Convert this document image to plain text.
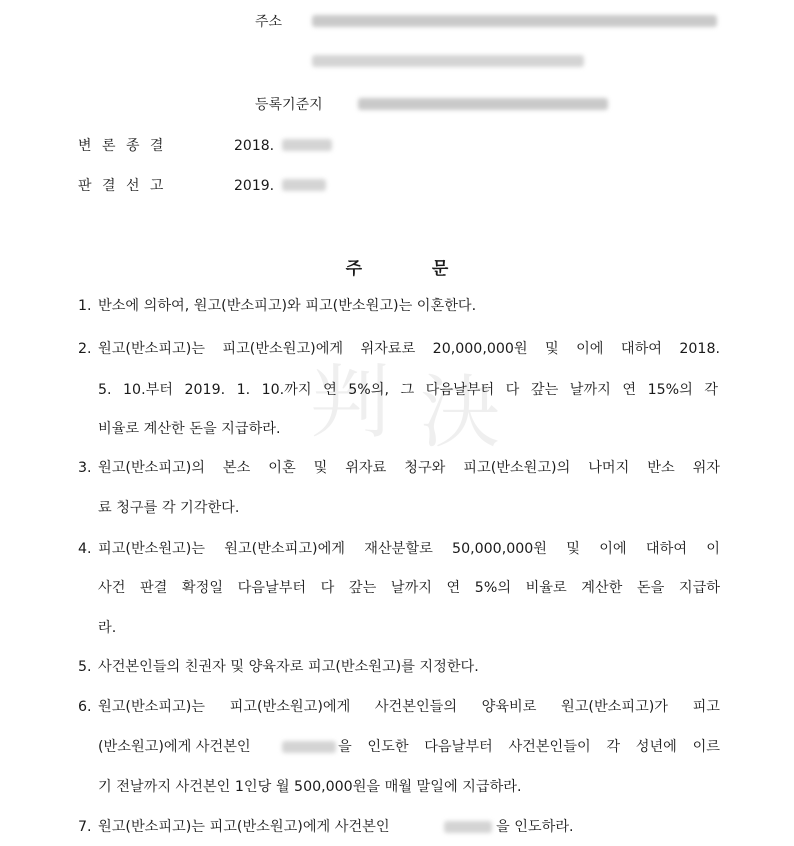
判 決
주소
등록기준지
변 론 종 결	2018.
판 결 선 고	2019.
주	문
1. 반소에 의하여, 원고(반소피고)와 피고(반소원고)는 이혼한다.
2. 원고(반소피고)는 피고(반소원고)에게 위자료로 20,000,000원 및 이에 대하여 2018.
5. 10.부터 2019. 1. 10.까지 연 5%의, 그 다음날부터 다 갚는 날까지 연 15%의 각
비율로 계산한 돈을 지급하라.
3. 원고(반소피고)의 본소 이혼 및 위자료 청구와 피고(반소원고)의 나머지 반소 위자
료 청구를 각 기각한다.
4. 피고(반소원고)는 원고(반소피고)에게 재산분할로 50,000,000원 및 이에 대하여 이
사건 판결 확정일 다음날부터 다 갚는 날까지 연 5%의 비율로 계산한 돈을 지급하
라.
5. 사건본인들의 친권자 및 양육자로 피고(반소원고)를 지정한다.
6. 원고(반소피고)는 피고(반소원고)에게 사건본인들의 양육비로 원고(반소피고)가 피고
(반소원고)에게 사건본인	을 인도한 다음날부터 사건본인들이 각 성년에 이르
기 전날까지 사건본인 1인당 월 500,000원을 매월 말일에 지급하라.
7. 원고(반소피고)는 피고(반소원고)에게 사건본인	을 인도하라.
